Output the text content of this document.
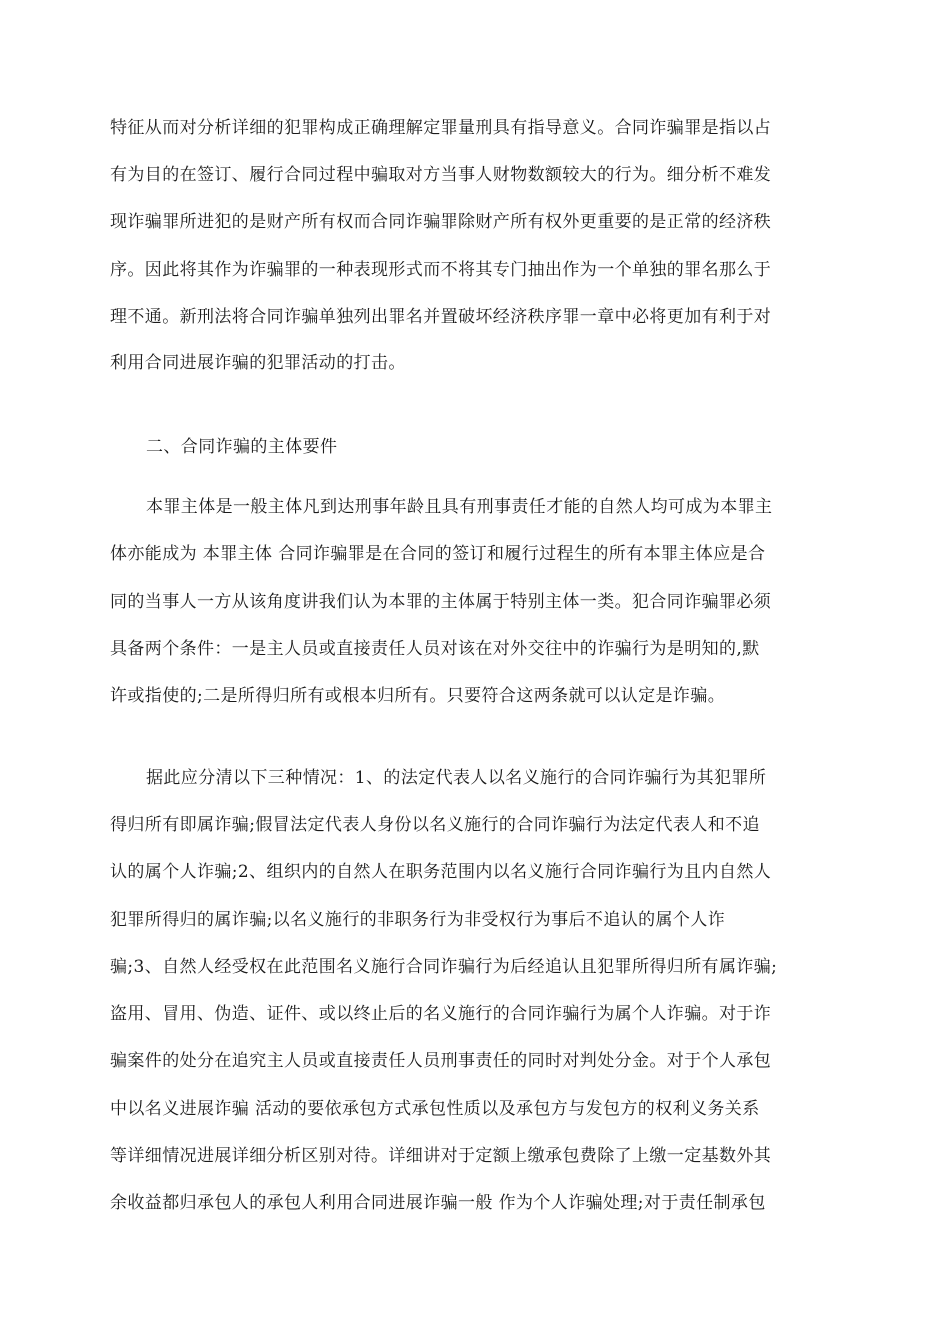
特征从而对分析详细的犯罪构成正确理解定罪量刑具有指导意义。合同诈骗罪是指以占
有为目的在签订、履行合同过程中骗取对方当事人财物数额较大的行为。细分析不难发
现诈骗罪所进犯的是财产所有权而合同诈骗罪除财产所有权外更重要的是正常的经济秩
序。因此将其作为诈骗罪的一种表现形式而不将其专门抽出作为一个单独的罪名那么于
理不通。新刑法将合同诈骗单独列出罪名并置破坏经济秩序罪一章中必将更加有利于对
利用合同进展诈骗的犯罪活动的打击。
二、合同诈骗的主体要件
本罪主体是一般主体凡到达刑事年龄且具有刑事责任才能的自然人均可成为本罪主
体亦能成为 本罪主体 合同诈骗罪是在合同的签订和履行过程生的所有本罪主体应是合
同的当事人一方从该角度讲我们认为本罪的主体属于特别主体一类。犯合同诈骗罪必须
具备两个条件：一是主人员或直接责任人员对该在对外交往中的诈骗行为是明知的,默
许或指使的;二是所得归所有或根本归所有。只要符合这两条就可以认定是诈骗。
据此应分清以下三种情况：1、的法定代表人以名义施行的合同诈骗行为其犯罪所
得归所有即属诈骗;假冒法定代表人身份以名义施行的合同诈骗行为法定代表人和不追
认的属个人诈骗;2、组织内的自然人在职务范围内以名义施行合同诈骗行为且内自然人
犯罪所得归的属诈骗;以名义施行的非职务行为非受权行为事后不追认的属个人诈
骗;3、自然人经受权在此范围名义施行合同诈骗行为后经追认且犯罪所得归所有属诈骗;
盗用、冒用、伪造、证件、或以终止后的名义施行的合同诈骗行为属个人诈骗。对于诈
骗案件的处分在追究主人员或直接责任人员刑事责任的同时对判处分金。对于个人承包
中以名义进展诈骗 活动的要依承包方式承包性质以及承包方与发包方的权利义务关系
等详细情况进展详细分析区别对待。详细讲对于定额上缴承包费除了上缴一定基数外其
余收益都归承包人的承包人利用合同进展诈骗一般 作为个人诈骗处理;对于责任制承包
